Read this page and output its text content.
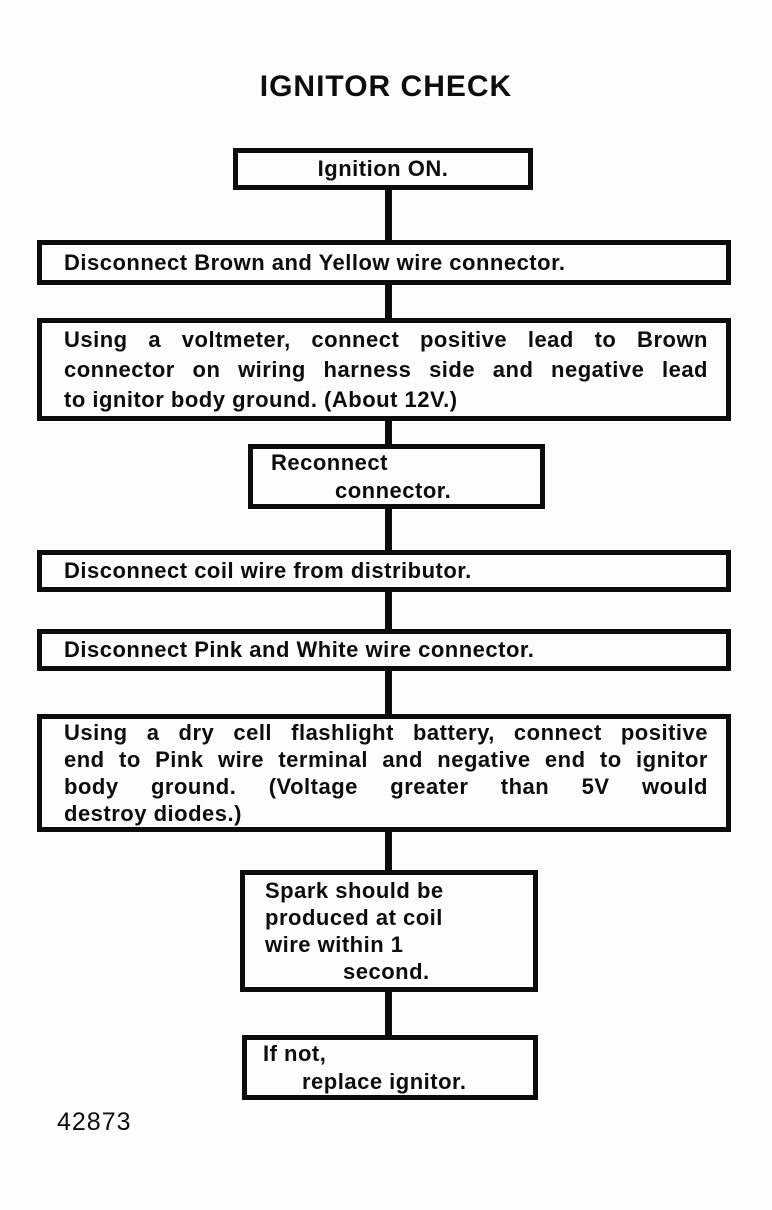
IGNITOR CHECK
Ignition ON.
Disconnect Brown and Yellow wire connector.
Using a voltmeter, connect positive lead to Brown
connector on wiring harness side and negative lead
to ignitor body ground. (About 12V.)
Reconnect
connector.
Disconnect coil wire from distributor.
Disconnect Pink and White wire connector.
Using a dry cell flashlight battery, connect positive
end to Pink wire terminal and negative end to ignitor
body ground. (Voltage greater than 5V would
destroy diodes.)
Spark should be
produced at coil
wire within 1
second.
If not,
replace ignitor.
42873
